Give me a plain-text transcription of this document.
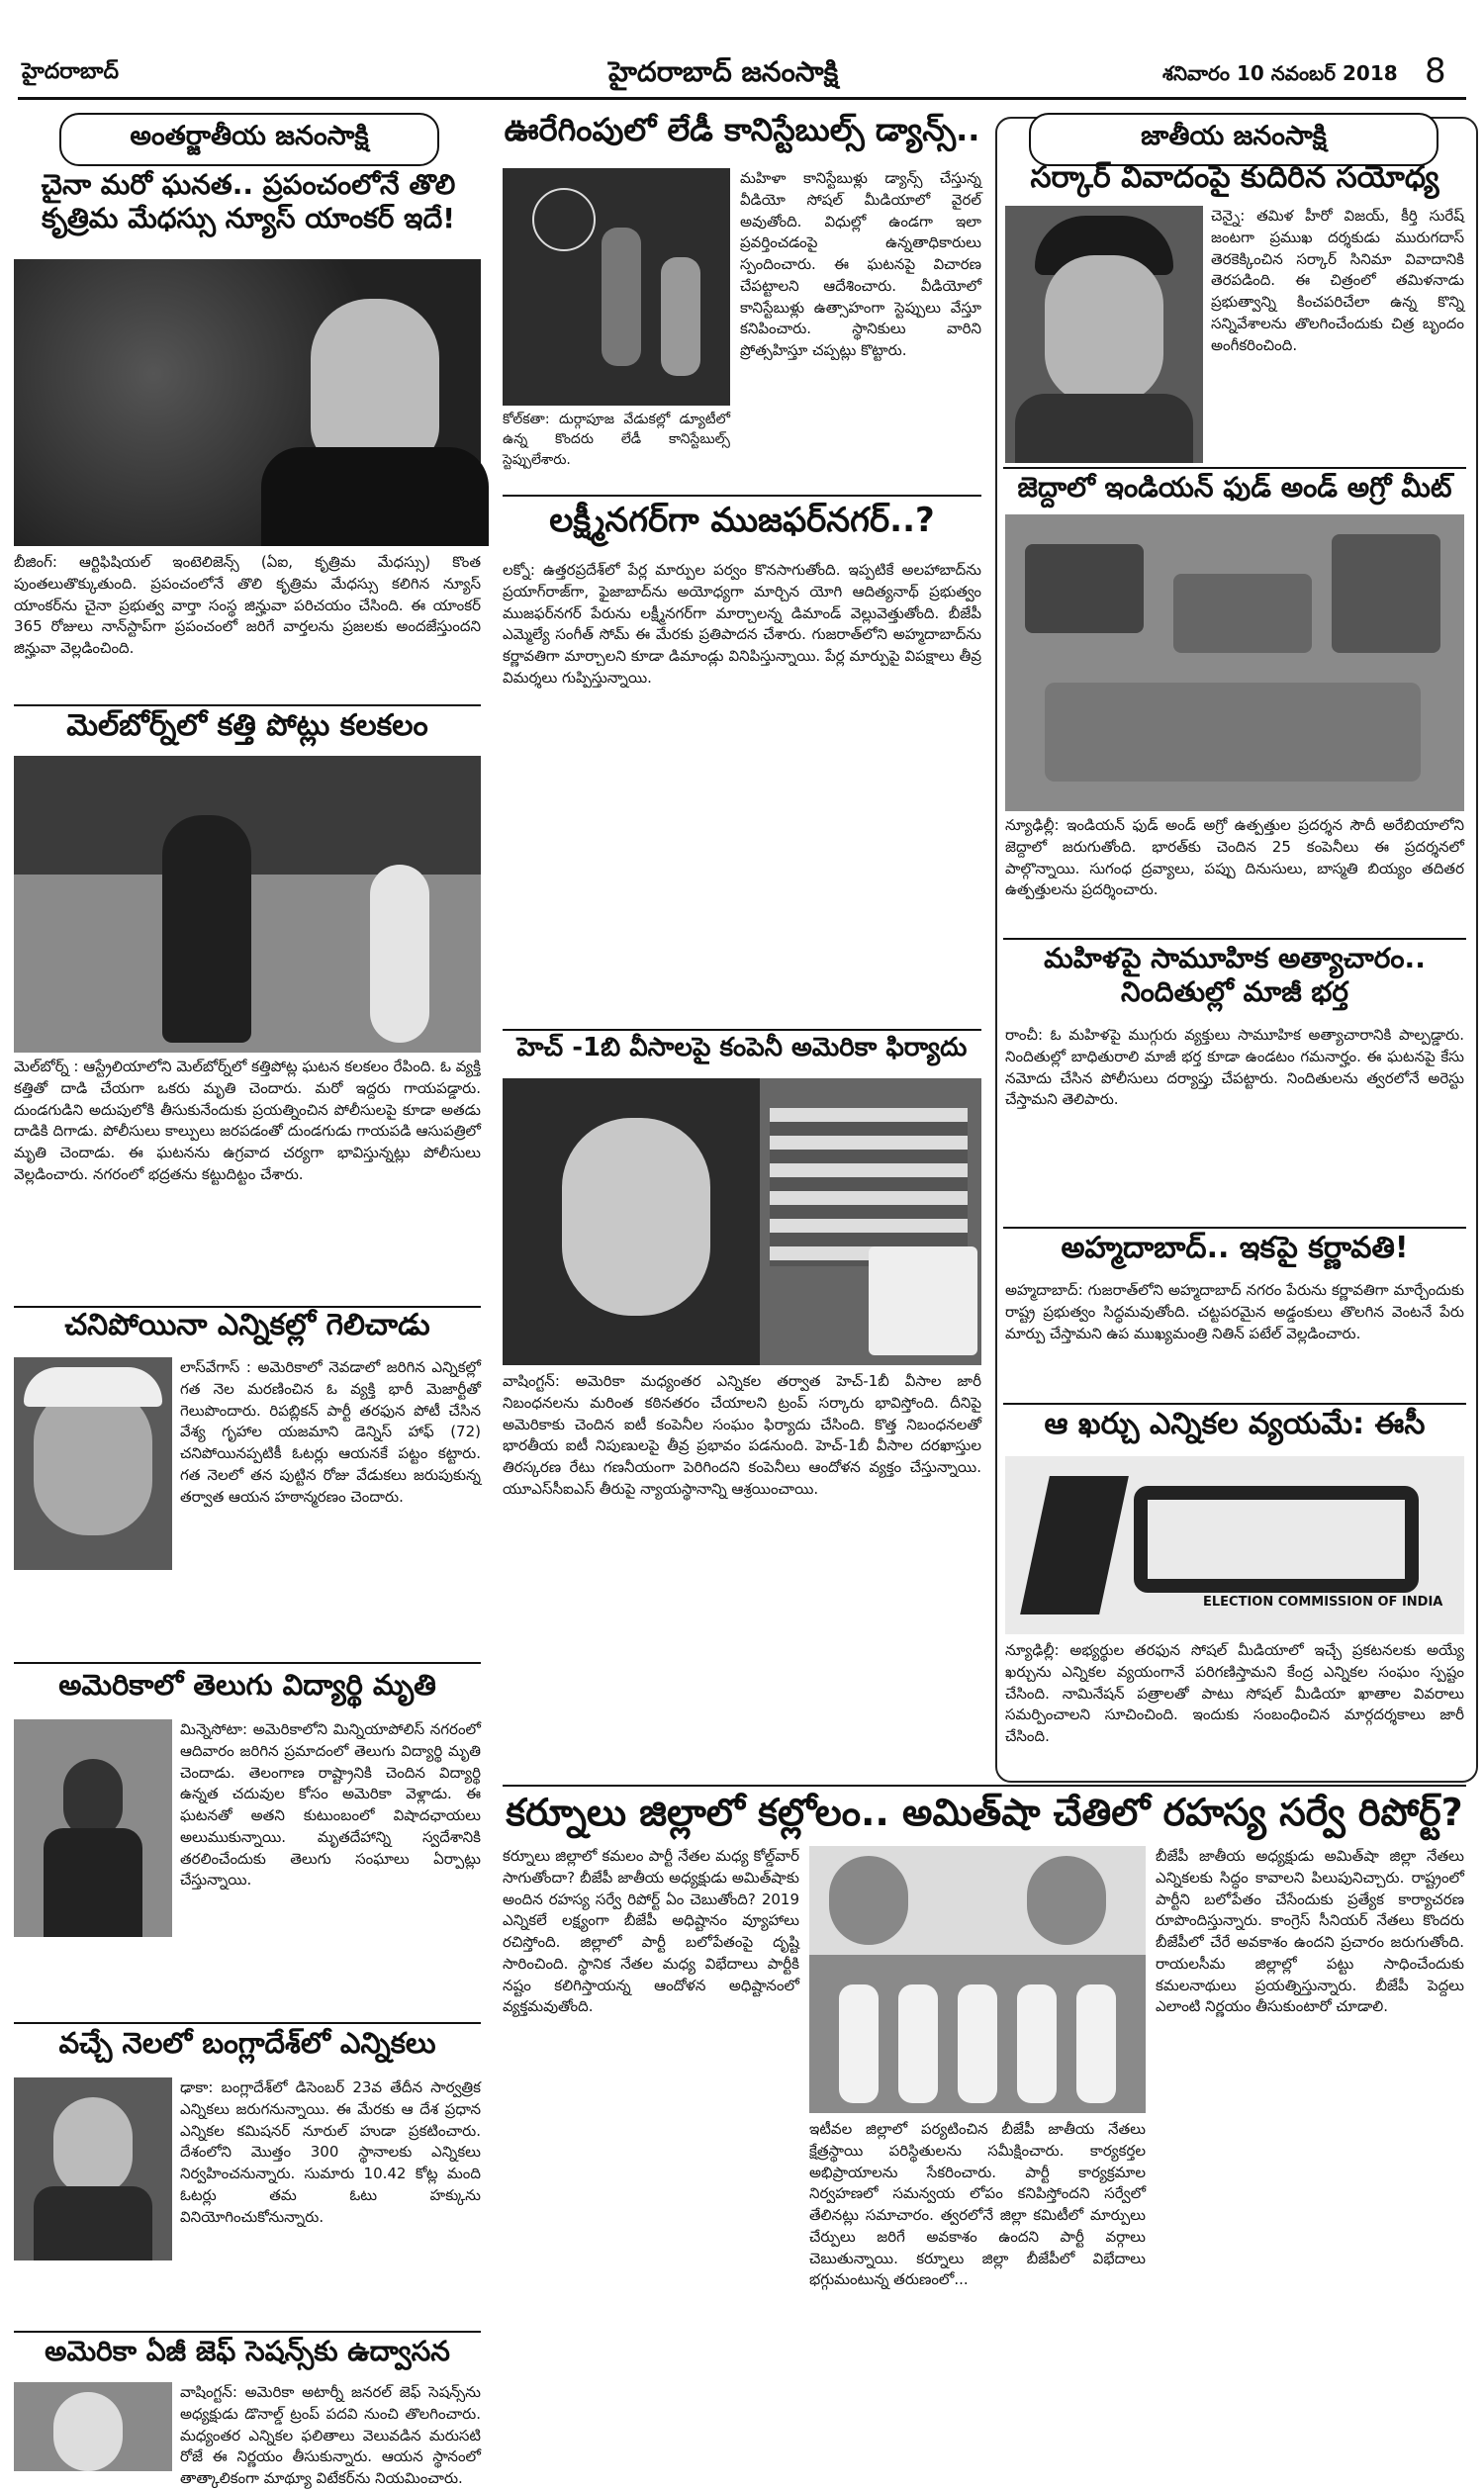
హైదరాబాద్	హైదరాబాద్ జనంసాక్షి	శనివారం 10 నవంబర్ 2018 8
అంతర్జాతీయ జనంసాక్షి
చైనా మరో ఘనత.. ప్రపంచంలోనే తొలి కృత్రిమ మేధస్సు న్యూస్‌ యాంకర్‌ ఇదే!
బీజింగ్‌: ఆర్టిఫిషియల్‌ ఇంటెలిజెన్స్‌ (ఏఐ, కృత్రిమ మేధస్సు) కొంత పుంతలుతొక్కుతుంది. ప్రపంచంలోనే తొలి కృత్రిమ మేధస్సు కలిగిన న్యూస్‌ యాంకర్‌ను చైనా ప్రభుత్వ వార్తా సంస్థ జిన్హువా పరిచయం చేసింది. ఈ యాంకర్‌ 365 రోజులు నాన్‌స్టాప్‌గా ప్రపంచంలో జరిగే వార్తలను ప్రజలకు అందజేస్తుందని జిన్హువా వెల్లడించింది.
మెల్‌బోర్న్‌లో కత్తి పోట్లు కలకలం
మెల్‌బోర్న్‌ : ఆస్ట్రేలియాలోని మెల్‌బోర్న్‌లో కత్తిపోట్ల ఘటన కలకలం రేపింది. ఓ వ్యక్తి కత్తితో దాడి చేయగా ఒకరు మృతి చెందారు. మరో ఇద్దరు గాయపడ్డారు. దుండగుడిని అదుపులోకి తీసుకునేందుకు ప్రయత్నించిన పోలీసులపై కూడా అతడు దాడికి దిగాడు. పోలీసులు కాల్పులు జరపడంతో దుండగుడు గాయపడి ఆసుపత్రిలో మృతి చెందాడు. ఈ ఘటనను ఉగ్రవాద చర్యగా భావిస్తున్నట్లు పోలీసులు వెల్లడించారు. నగరంలో భద్రతను కట్టుదిట్టం చేశారు.
చనిపోయినా ఎన్నికల్లో గెలిచాడు
లాస్‌వేగాస్‌ : అమెరికాలో నెవడాలో జరిగిన ఎన్నికల్లో గత నెల మరణించిన ఓ వ్యక్తి భారీ మెజార్టీతో గెలుపొందారు. రిపబ్లికన్‌ పార్టీ తరఫున పోటీ చేసిన వేశ్య గృహాల యజమాని డెన్నిస్‌ హాఫ్‌ (72) చనిపోయినప్పటికీ ఓటర్లు ఆయనకే పట్టం కట్టారు. గత నెలలో తన పుట్టిన రోజు వేడుకలు జరుపుకున్న తర్వాత ఆయన హఠాన్మరణం చెందారు.
అమెరికాలో తెలుగు విద్యార్థి మృతి
మిన్నెసోటా: అమెరికాలోని మిన్నియాపోలిస్‌ నగరంలో ఆదివారం జరిగిన ప్రమాదంలో తెలుగు విద్యార్థి మృతి చెందాడు. తెలంగాణ రాష్ట్రానికి చెందిన విద్యార్థి ఉన్నత చదువుల కోసం అమెరికా వెళ్లాడు. ఈ ఘటనతో అతని కుటుంబంలో విషాదఛాయలు అలుముకున్నాయి. మృతదేహాన్ని స్వదేశానికి తరలించేందుకు తెలుగు సంఘాలు ఏర్పాట్లు చేస్తున్నాయి.
వచ్చే నెలలో బంగ్లాదేశ్‌లో ఎన్నికలు
ఢాకా: బంగ్లాదేశ్‌లో డిసెంబర్‌ 23వ తేదీన సార్వత్రిక ఎన్నికలు జరుగనున్నాయి. ఈ మేరకు ఆ దేశ ప్రధాన ఎన్నికల కమిషనర్‌ నూరుల్‌ హుడా ప్రకటించారు. దేశంలోని మొత్తం 300 స్థానాలకు ఎన్నికలు నిర్వహించనున్నారు. సుమారు 10.42 కోట్ల మంది ఓటర్లు తమ ఓటు హక్కును వినియోగించుకోనున్నారు.
అమెరికా ఏజీ జెఫ్‌ సెషన్స్‌కు ఉద్వాసన
వాషింగ్టన్‌: అమెరికా అటార్నీ జనరల్‌ జెఫ్‌ సెషన్స్‌ను అధ్యక్షుడు డొనాల్డ్‌ ట్రంప్‌ పదవి నుంచి తొలగించారు. మధ్యంతర ఎన్నికల ఫలితాలు వెలువడిన మరుసటి రోజే ఈ నిర్ణయం తీసుకున్నారు. ఆయన స్థానంలో తాత్కాలికంగా మాథ్యూ విటేకర్‌ను నియమించారు.
ఊరేగింపులో లేడీ కానిస్టేబుల్స్‌ డ్యాన్స్‌..
కోల్‌కతా: దుర్గాపూజ వేడుకల్లో డ్యూటీలో ఉన్న కొందరు లేడీ కానిస్టేబుల్స్‌ స్టెప్పులేశారు.
మహిళా కానిస్టేబుళ్లు డ్యాన్స్‌ చేస్తున్న వీడియో సోషల్‌ మీడియాలో వైరల్‌ అవుతోంది. విధుల్లో ఉండగా ఇలా ప్రవర్తించడంపై ఉన్నతాధికారులు స్పందించారు. ఈ ఘటనపై విచారణ చేపట్టాలని ఆదేశించారు. వీడియోలో కానిస్టేబుళ్లు ఉత్సాహంగా స్టెప్పులు వేస్తూ కనిపించారు. స్థానికులు వారిని ప్రోత్సహిస్తూ చప్పట్లు కొట్టారు.
లక్ష్మీనగర్‌గా ముజఫర్‌నగర్‌..?
లక్నో: ఉత్తరప్రదేశ్‌లో పేర్ల మార్పుల పర్వం కొనసాగుతోంది. ఇప్పటికే అలహాబాద్‌ను ప్రయాగ్‌రాజ్‌గా, ఫైజాబాద్‌ను అయోధ్యగా మార్చిన యోగి ఆదిత్యనాథ్‌ ప్రభుత్వం ముజఫర్‌నగర్‌ పేరును లక్ష్మీనగర్‌గా మార్చాలన్న డిమాండ్‌ వెల్లువెత్తుతోంది. బీజేపీ ఎమ్మెల్యే సంగీత్‌ సోమ్‌ ఈ మేరకు ప్రతిపాదన చేశారు. గుజరాత్‌లోని అహ్మదాబాద్‌ను కర్ణావతిగా మార్చాలని కూడా డిమాండ్లు వినిపిస్తున్నాయి. పేర్ల మార్పుపై విపక్షాలు తీవ్ర విమర్శలు గుప్పిస్తున్నాయి.
హెచ్‌ -1బి వీసాలపై కంపెనీ అమెరికా ఫిర్యాదు
వాషింగ్టన్‌: అమెరికా మధ్యంతర ఎన్నికల తర్వాత హెచ్‌-1బీ వీసాల జారీ నిబంధనలను మరింత కఠినతరం చేయాలని ట్రంప్‌ సర్కారు భావిస్తోంది. దీనిపై అమెరికాకు చెందిన ఐటీ కంపెనీల సంఘం ఫిర్యాదు చేసింది. కొత్త నిబంధనలతో భారతీయ ఐటీ నిపుణులపై తీవ్ర ప్రభావం పడనుంది. హెచ్‌-1బీ వీసాల దరఖాస్తుల తిరస్కరణ రేటు గణనీయంగా పెరిగిందని కంపెనీలు ఆందోళన వ్యక్తం చేస్తున్నాయి. యూఎస్‌సీఐఎస్‌ తీరుపై న్యాయస్థానాన్ని ఆశ్రయించాయి.
జాతీయ జనంసాక్షి
సర్కార్‌ వివాదంపై కుదిరిన సయోధ్య
చెన్నై: తమిళ హీరో విజయ్‌, కీర్తి సురేష్‌ జంటగా ప్రముఖ దర్శకుడు మురుగదాస్‌ తెరకెక్కించిన సర్కార్‌ సినిమా వివాదానికి తెరపడింది. ఈ చిత్రంలో తమిళనాడు ప్రభుత్వాన్ని కించపరిచేలా ఉన్న కొన్ని సన్నివేశాలను తొలగించేందుకు చిత్ర బృందం అంగీకరించింది.
జెద్దాలో ఇండియన్‌ ఫుడ్‌ అండ్‌ అగ్రో మీట్‌
న్యూఢిల్లీ: ఇండియన్‌ ఫుడ్‌ అండ్‌ అగ్రో ఉత్పత్తుల ప్రదర్శన సౌదీ అరేబియాలోని జెద్దాలో జరుగుతోంది. భారత్‌కు చెందిన 25 కంపెనీలు ఈ ప్రదర్శనలో పాల్గొన్నాయి. సుగంధ ద్రవ్యాలు, పప్పు దినుసులు, బాస్మతి బియ్యం తదితర ఉత్పత్తులను ప్రదర్శించారు.
మహిళపై సామూహిక అత్యాచారం.. నిందితుల్లో మాజీ భర్త
రాంచీ: ఓ మహిళపై ముగ్గురు వ్యక్తులు సామూహిక అత్యాచారానికి పాల్పడ్డారు. నిందితుల్లో బాధితురాలి మాజీ భర్త కూడా ఉండటం గమనార్హం. ఈ ఘటనపై కేసు నమోదు చేసిన పోలీసులు దర్యాప్తు చేపట్టారు. నిందితులను త్వరలోనే అరెస్టు చేస్తామని తెలిపారు.
అహ్మదాబాద్‌.. ఇకపై కర్ణావతి!
అహ్మదాబాద్‌: గుజరాత్‌లోని అహ్మదాబాద్‌ నగరం పేరును కర్ణావతిగా మార్చేందుకు రాష్ట్ర ప్రభుత్వం సిద్ధమవుతోంది. చట్టపరమైన అడ్డంకులు తొలగిన వెంటనే పేరు మార్పు చేస్తామని ఉప ముఖ్యమంత్రి నితిన్‌ పటేల్‌ వెల్లడించారు.
ఆ ఖర్చు ఎన్నికల వ్యయమే: ఈసీ
ELECTION COMMISSION OF INDIA
న్యూఢిల్లీ: అభ్యర్థుల తరఫున సోషల్‌ మీడియాలో ఇచ్చే ప్రకటనలకు అయ్యే ఖర్చును ఎన్నికల వ్యయంగానే పరిగణిస్తామని కేంద్ర ఎన్నికల సంఘం స్పష్టం చేసింది. నామినేషన్‌ పత్రాలతో పాటు సోషల్‌ మీడియా ఖాతాల వివరాలు సమర్పించాలని సూచించింది. ఇందుకు సంబంధించిన మార్గదర్శకాలు జారీ చేసింది.
కర్నూలు జిల్లాలో కల్లోలం.. అమిత్‌షా చేతిలో రహస్య సర్వే రిపోర్ట్‌?
కర్నూలు జిల్లాలో కమలం పార్టీ నేతల మధ్య కోల్డ్‌వార్‌ సాగుతోందా? బీజేపీ జాతీయ అధ్యక్షుడు అమిత్‌షాకు అందిన రహస్య సర్వే రిపోర్ట్‌ ఏం చెబుతోంది? 2019 ఎన్నికలే లక్ష్యంగా బీజేపీ అధిష్టానం వ్యూహాలు రచిస్తోంది. జిల్లాలో పార్టీ బలోపేతంపై దృష్టి సారించింది. స్థానిక నేతల మధ్య విభేదాలు పార్టీకి నష్టం కలిగిస్తాయన్న ఆందోళన అధిష్టానంలో వ్యక్తమవుతోంది.
ఇటీవల జిల్లాలో పర్యటించిన బీజేపీ జాతీయ నేతలు క్షేత్రస్థాయి పరిస్థితులను సమీక్షించారు. కార్యకర్తల అభిప్రాయాలను సేకరించారు. పార్టీ కార్యక్రమాల నిర్వహణలో సమన్వయ లోపం కనిపిస్తోందని సర్వేలో తేలినట్లు సమాచారం. త్వరలోనే జిల్లా కమిటీలో మార్పులు చేర్పులు జరిగే అవకాశం ఉందని పార్టీ వర్గాలు చెబుతున్నాయి. కర్నూలు జిల్లా బీజేపీలో విభేదాలు భగ్గుమంటున్న తరుణంలో...
బీజేపీ జాతీయ అధ్యక్షుడు అమిత్‌షా జిల్లా నేతలు ఎన్నికలకు సిద్ధం కావాలని పిలుపునిచ్చారు. రాష్ట్రంలో పార్టీని బలోపేతం చేసేందుకు ప్రత్యేక కార్యాచరణ రూపొందిస్తున్నారు. కాంగ్రెస్‌ సీనియర్‌ నేతలు కొందరు బీజేపీలో చేరే అవకాశం ఉందని ప్రచారం జరుగుతోంది. రాయలసీమ జిల్లాల్లో పట్టు సాధించేందుకు కమలనాథులు ప్రయత్నిస్తున్నారు. బీజేపీ పెద్దలు ఎలాంటి నిర్ణయం తీసుకుంటారో చూడాలి.
